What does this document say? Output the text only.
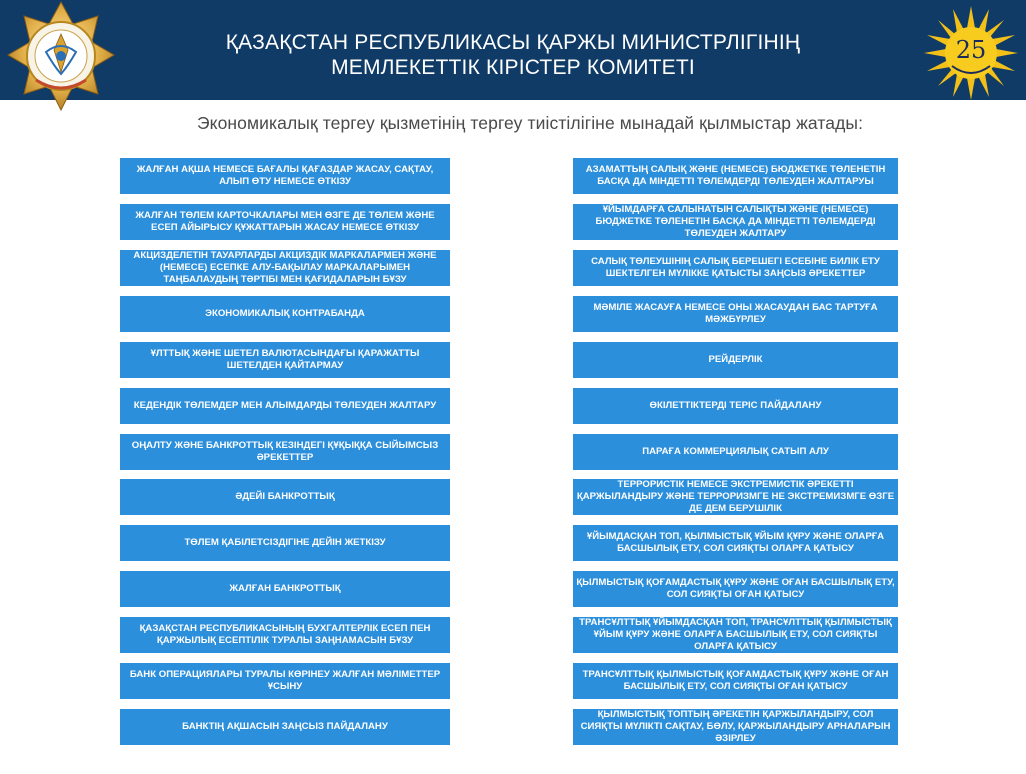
ҚАЗАҚСТАН РЕСПУБЛИКАСЫ ҚАРЖЫ МИНИСТРЛІГІНІҢ
МЕМЛЕКЕТТІК КІРІСТЕР КОМИТЕТІ
25
Экономикалық тергеу қызметінің тергеу тиістілігіне мынадай қылмыстар жатады:
ЖАЛҒАН АҚША НЕМЕСЕ БАҒАЛЫ ҚАҒАЗДАР ЖАСАУ, САҚТАУ, АЛЫП ӨТУ НЕМЕСЕ ӨТКІЗУ
ЖАЛҒАН ТӨЛЕМ КАРТОЧКАЛАРЫ МЕН ӨЗГЕ ДЕ ТӨЛЕМ ЖӘНЕ ЕСЕП АЙЫРЫСУ ҚҰЖАТТАРЫН ЖАСАУ НЕМЕСЕ ӨТКІЗУ
АКЦИЗДЕЛЕТІН ТАУАРЛАРДЫ АКЦИЗДІК МАРКАЛАРМЕН ЖӘНЕ (НЕМЕСЕ) ЕСЕПКЕ АЛУ-БАҚЫЛАУ МАРКАЛАРЫМЕН ТАҢБАЛАУДЫҢ ТӘРТІБІ МЕН ҚАҒИДАЛАРЫН БҰЗУ
ЭКОНОМИКАЛЫҚ КОНТРАБАНДА
ҰЛТТЫҚ ЖӘНЕ ШЕТЕЛ ВАЛЮТАСЫНДАҒЫ ҚАРАЖАТТЫ ШЕТЕЛДЕН ҚАЙТАРМАУ
КЕДЕНДІК ТӨЛЕМДЕР МЕН АЛЫМДАРДЫ ТӨЛЕУДЕН ЖАЛТАРУ
ОҢАЛТУ ЖӘНЕ БАНКРОТТЫҚ КЕЗІНДЕГІ ҚҰҚЫҚҚА СЫЙЫМСЫЗ ӘРЕКЕТТЕР
ӘДЕЙІ БАНКРОТТЫҚ
ТӨЛЕМ ҚАБІЛЕТСІЗДІГІНЕ ДЕЙІН ЖЕТКІЗУ
ЖАЛҒАН БАНКРОТТЫҚ
ҚАЗАҚСТАН РЕСПУБЛИКАСЫНЫҢ БУХГАЛТЕРЛІК ЕСЕП ПЕН ҚАРЖЫЛЫҚ ЕСЕПТІЛІК ТУРАЛЫ ЗАҢНАМАСЫН БҰЗУ
БАНК ОПЕРАЦИЯЛАРЫ ТУРАЛЫ КӨРІНЕУ ЖАЛҒАН МӘЛІМЕТТЕР ҰСЫНУ
БАНКТІҢ АҚШАСЫН ЗАҢСЫЗ ПАЙДАЛАНУ
АЗАМАТТЫҢ САЛЫҚ ЖӘНЕ (НЕМЕСЕ) БЮДЖЕТКЕ ТӨЛЕНЕТІН БАСҚА ДА МІНДЕТТІ ТӨЛЕМДЕРДІ ТӨЛЕУДЕН ЖАЛТАРУЫ
ҰЙЫМДАРҒА САЛЫНАТЫН САЛЫҚТЫ ЖӘНЕ (НЕМЕСЕ) БЮДЖЕТКЕ ТӨЛЕНЕТІН БАСҚА ДА МІНДЕТТІ ТӨЛЕМДЕРДІ ТӨЛЕУДЕН ЖАЛТАРУ
САЛЫҚ ТӨЛЕУШІНІҢ САЛЫҚ БЕРЕШЕГІ ЕСЕБІНЕ БИЛІК ЕТУ ШЕКТЕЛГЕН МҮЛІККЕ ҚАТЫСТЫ ЗАҢСЫЗ ӘРЕКЕТТЕР
МӘМІЛЕ ЖАСАУҒА НЕМЕСЕ ОНЫ ЖАСАУДАН БАС ТАРТУҒА МӘЖБҮРЛЕУ
РЕЙДЕРЛІК
ӨКІЛЕТТІКТЕРДІ ТЕРІС ПАЙДАЛАНУ
ПАРАҒА КОММЕРЦИЯЛЫҚ САТЫП АЛУ
ТЕРРОРИСТІК НЕМЕСЕ ЭКСТРЕМИСТІК ӘРЕКЕТТІ ҚАРЖЫЛАНДЫРУ ЖӘНЕ ТЕРРОРИЗМГЕ НЕ ЭКСТРЕМИЗМГЕ ӨЗГЕ ДЕ ДЕМ БЕРУШІЛІК
ҰЙЫМДАСҚАН ТОП, ҚЫЛМЫСТЫҚ ҰЙЫМ ҚҰРУ ЖӘНЕ ОЛАРҒА БАСШЫЛЫҚ ЕТУ, СОЛ СИЯҚТЫ ОЛАРҒА ҚАТЫСУ
ҚЫЛМЫСТЫҚ ҚОҒАМДАСТЫҚ ҚҰРУ ЖӘНЕ ОҒАН БАСШЫЛЫҚ ЕТУ, СОЛ СИЯҚТЫ ОҒАН ҚАТЫСУ
ТРАНСҰЛТТЫҚ ҰЙЫМДАСҚАН ТОП, ТРАНСҰЛТТЫҚ ҚЫЛМЫСТЫҚ ҰЙЫМ ҚҰРУ ЖӘНЕ ОЛАРҒА БАСШЫЛЫҚ ЕТУ, СОЛ СИЯҚТЫ ОЛАРҒА ҚАТЫСУ
ТРАНСҰЛТТЫҚ ҚЫЛМЫСТЫҚ ҚОҒАМДАСТЫҚ ҚҰРУ ЖӘНЕ ОҒАН БАСШЫЛЫҚ ЕТУ, СОЛ СИЯҚТЫ ОҒАН ҚАТЫСУ
ҚЫЛМЫСТЫҚ ТОПТЫҢ ӘРЕКЕТІН ҚАРЖЫЛАНДЫРУ, СОЛ СИЯҚТЫ МҮЛІКТІ САҚТАУ, БӨЛУ, ҚАРЖЫЛАНДЫРУ АРНАЛАРЫН ӘЗІРЛЕУ
